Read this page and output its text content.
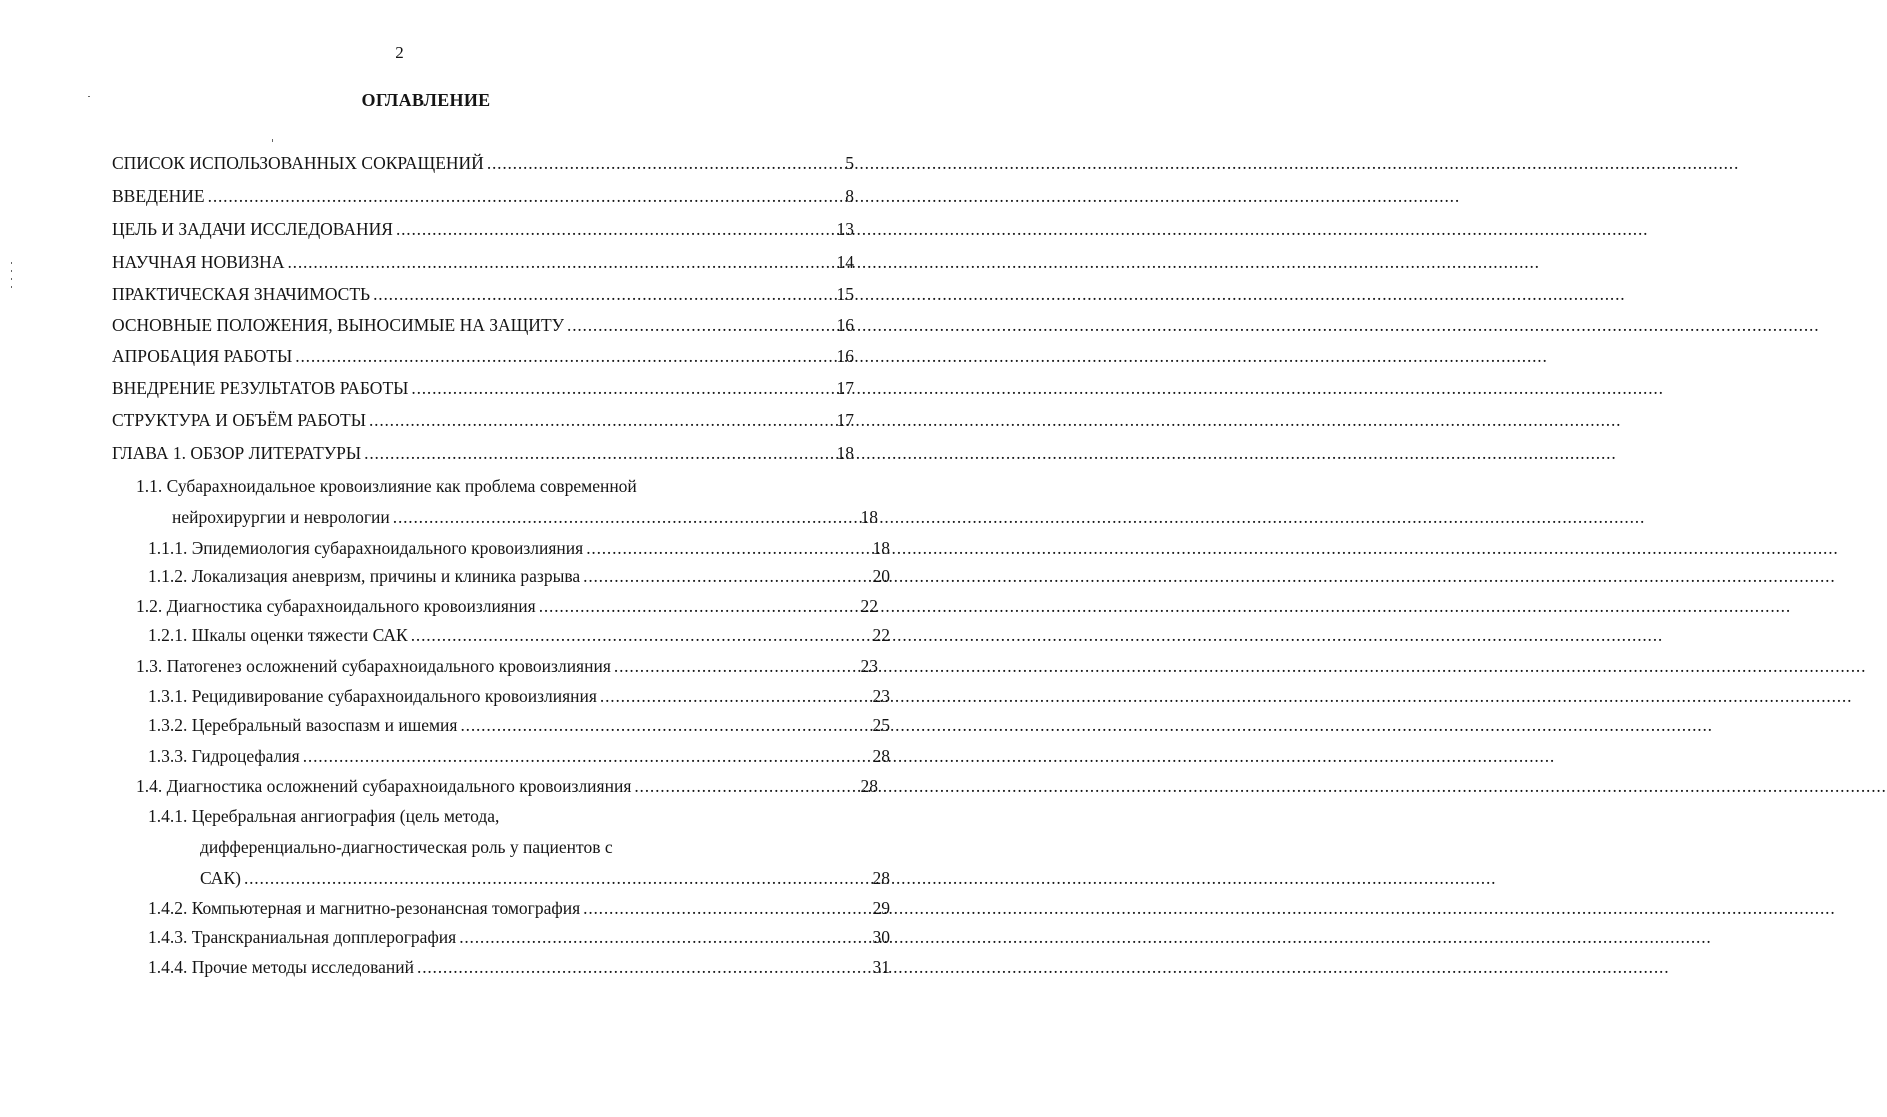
2
ОГЛАВЛЕНИЕ
СПИСОК ИСПОЛЬЗОВАННЫХ СОКРАЩЕНИЙ .....	5
ВВЕДЕНИЕ .....	8
ЦЕЛЬ И ЗАДАЧИ ИССЛЕДОВАНИЯ .....	13
НАУЧНАЯ НОВИЗНА .....	14
ПРАКТИЧЕСКАЯ ЗНАЧИМОСТЬ .....	15
ОСНОВНЫЕ ПОЛОЖЕНИЯ, ВЫНОСИМЫЕ НА ЗАЩИТУ .....	16
АПРОБАЦИЯ РАБОТЫ .....	16
ВНЕДРЕНИЕ РЕЗУЛЬТАТОВ РАБОТЫ .....	17
СТРУКТУРА И ОБЪЁМ РАБОТЫ .....	17
ГЛАВА 1. ОБЗОР ЛИТЕРАТУРЫ .....	18
1.1. Субарахноидальное кровоизлияние как проблема современной
нейрохирургии и неврологии .....	18
1.1.1. Эпидемиология субарахноидального кровоизлияния .....	18
1.1.2. Локализация аневризм, причины и клиника разрыва .....	20
1.2. Диагностика субарахноидального кровоизлияния .....	22
1.2.1. Шкалы оценки тяжести САК .....	22
1.3. Патогенез осложнений субарахноидального кровоизлияния .....	23
1.3.1. Рецидивирование субарахноидального кровоизлияния .....	23
1.3.2. Церебральный вазоспазм и ишемия .....	25
1.3.3. Гидроцефалия .....	28
1.4. Диагностика осложнений субарахноидального кровоизлияния .....	28
1.4.1. Церебральная ангиография (цель метода,
дифференциально-диагностическая роль у пациентов с
САК) .....	28
1.4.2. Компьютерная и магнитно-резонансная томография .....	29
1.4.3. Транскраниальная допплерография .....	30
1.4.4. Прочие методы исследований .....	31
